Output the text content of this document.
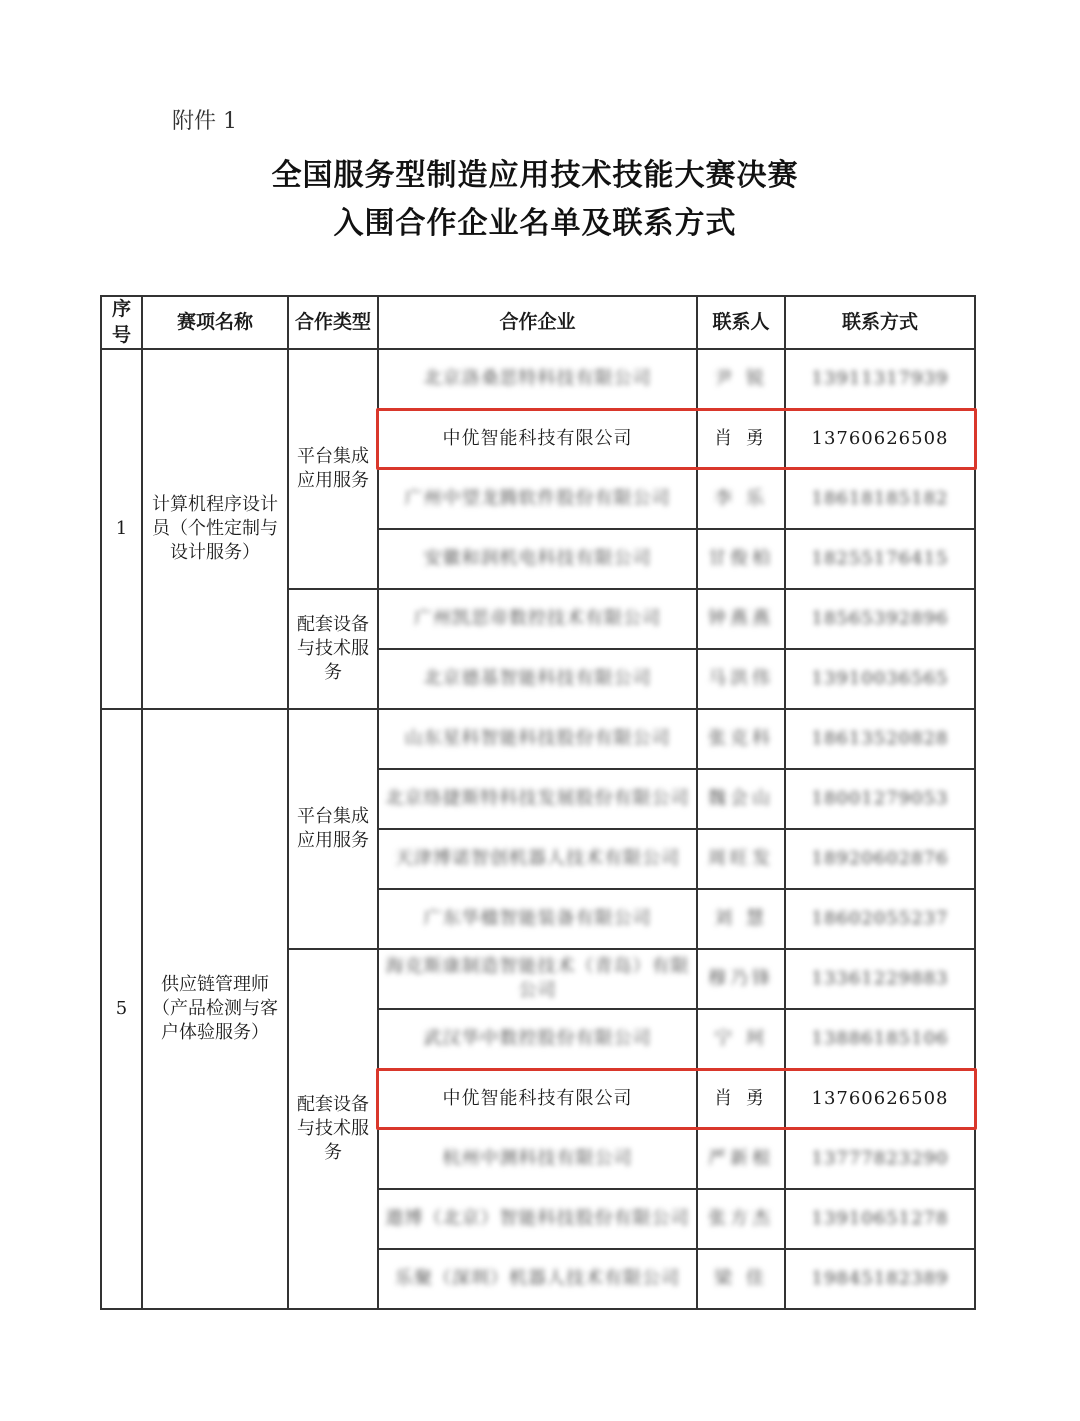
附件 1
全国服务型制造应用技术技能大赛决赛
入围合作企业名单及联系方式
序号	赛项名称	合作类型	合作企业	联系人	联系方式
1	计算机程序设计员（个性定制与设计服务）	平台集成应用服务	北京洛桑思特科技有限公司	尹 锐	13911317939
			中优智能科技有限公司	肖 勇	13760626508
			广州中望龙腾软件股份有限公司	李 乐	18618185182
			安徽和润机电科技有限公司	甘俊柏	18255176415
		配套设备与技术服务	广州凯思帝数控技术有限公司	钟燕燕	18565392896
			北京德基智能科技有限公司	马洪伟	13910036565
5	供应链管理师（产品检测与客户体验服务）	平台集成应用服务	山东星科智能科技股份有限公司	张克科	18613520828
			北京络捷斯特科技发展股份有限公司	魏会山	18001279053
			天津博诺智创机器人技术有限公司	周旺发	18920602876
			广东华楹智能装备有限公司	刘 慧	18602055237
		配套设备与技术服务	海克斯康制造智能技术（青岛）有限公司	穆乃锋	13361229883
			武汉华中数控股份有限公司	宁 珂	13886185106
			中优智能科技有限公司	肖 勇	13760626508
			杭州中测科技有限公司	严新根	13777823290
			遨博（北京）智能科技股份有限公司	张方杰	13910651278
			乐聚（深圳）机器人技术有限公司	梁 佳	19845182389
